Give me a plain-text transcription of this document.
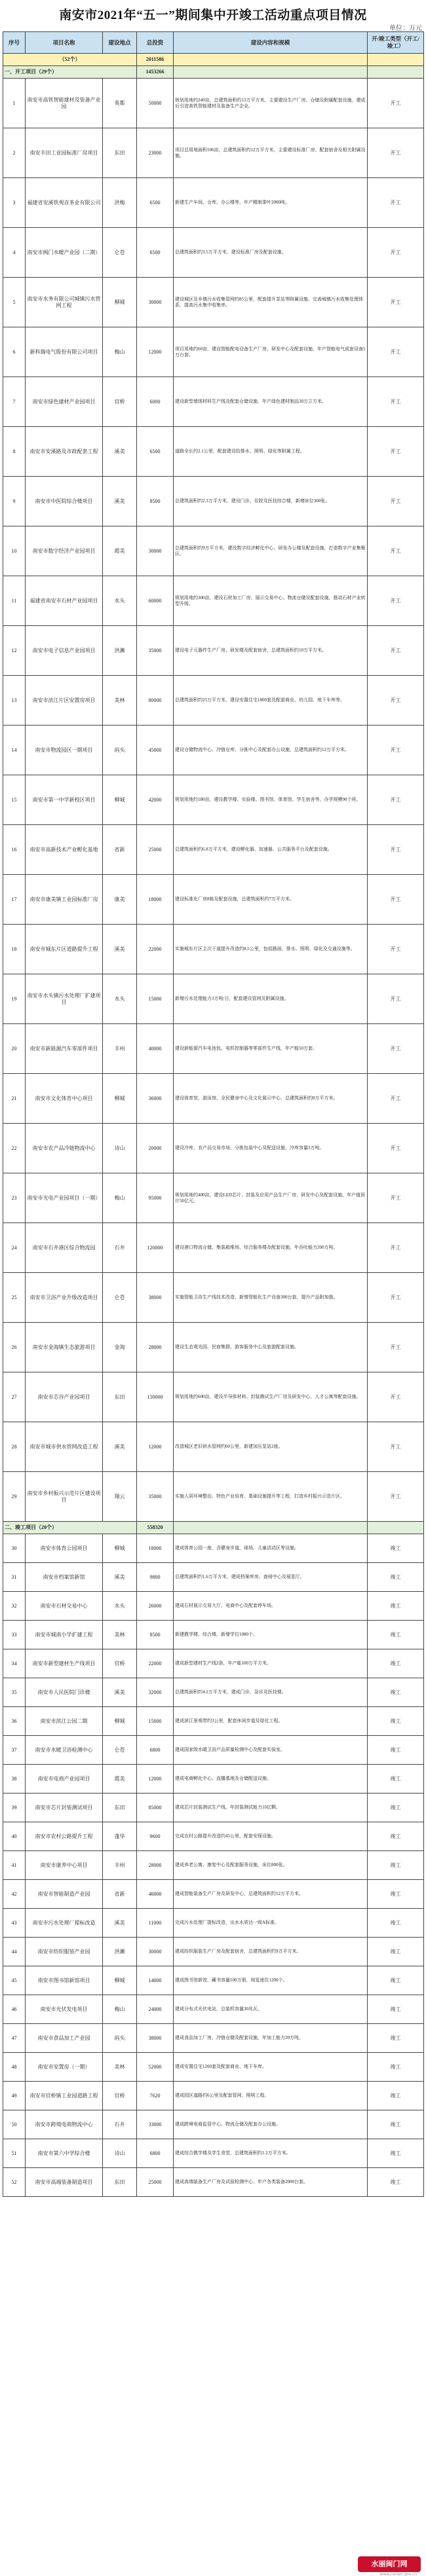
南安市2021年“五一”期间集中开竣工活动重点项目情况
单位：万元
序号	项目名称	建设地点	总投资	建设内容和规模	开/竣工类型（开工/竣工）
（52个）			2011586		
一、开工项目（29个）			1453266		
1	南安市高铁智能建材及装备产业园	英都	50000	规划用地约240亩，总建筑面积约13万平方米，主要建设生产厂房、仓储及附属配套设施，建成后引进高铁智能建材及装备生产企业。	开工
2	南安丰田工业园标准厂房项目	东田	23000	项目总用地面积106亩，总建筑面积约12万平方米，主要建设标准厂房、配套宿舍及相关附属设施。	开工
3	福建省安溪铁观音茶业有限公司	洪梅	6500	新建生产车间、仓库、办公楼等，年产精制茶叶2000吨。	开工
4	南安市阀门水暖产业园（二期）	仑苍	6500	总建筑面积约3.5万平方米，建设标准厂房及配套设施。	开工
5	南安市水务有限公司城镇污水管网工程	柳城	30000	建设城区及乡镇污水收集管网约85公里，配套提升泵站等附属设施，完善城镇污水收集处理体系，提高污水集中收集率。	开工
6	新科瑞电气股份有限公司项目	梅山	12000	项目用地约60亩，建设智能配电设备生产厂房、研发中心及配套设施，年产智能电气成套设备5万台套。	开工
7	南安市绿色建材产业园项目	官桥	6000	建设新型墙体材料生产线及配套仓储设施，年产绿色建材制品30万立方米。	开工
8	南安市安溪路及市政配套工程	溪美	6500	道路全长约2.1公里，配套建设给排水、照明、绿化等附属工程。	开工
9	南安市中医院综合楼项目	溪美	8500	总建筑面积约2.3万平方米，建设门诊、住院及医技综合楼，新增床位300张。	开工
10	南安市数字经济产业园项目	霞美	30000	总建筑面积约9万平方米，建设数字经济孵化中心、研发办公楼及配套设施，打造数字产业集聚区。	开工
11	福建省南安市石材产业园项目	水头	60000	规划用地约300亩，建设石材加工厂房、展示交易中心、物流仓储及配套设施，推动石材产业转型升级。	开工
12	南安市电子信息产业园项目	洪濑	35000	建设电子元器件生产厂房、研发楼及配套宿舍，总建筑面积约10万平方米。	开工
13	南安市滨江片区安置房项目	美林	80000	总建筑面积约25万平方米，建设安置住宅1800套及配套商业、幼儿园、地下车库等。	开工
14	南安市物流园区一期项目	码头	45000	建设仓储物流中心、冷链仓库、分拣中心及配套办公设施，总建筑面积约12万平方米。	开工
15	南安市第一中学新校区项目	柳城	42000	规划用地约180亩，建设教学楼、实验楼、图书馆、体育馆、学生宿舍等，办学规模90个班。	开工
16	南安市高新技术产业孵化基地	省新	25000	总建筑面积约6.8万平方米，建设孵化器、加速器、公共服务平台及配套设施。	开工
17	南安市康美镇工业园标准厂房	康美	18000	建设标准化厂房8栋及配套设施，总建筑面积约7万平方米。	开工
18	南安市城东片区道路提升工程	溪美	22000	实施城东片区主次干道提升改造约8.5公里，包括路面、排水、照明、绿化及交通设施等。	开工
19	南安市水头镇污水处理厂扩建项目	水头	15000	新增污水处理能力3万吨/日，配套建设管网及附属设施。	开工
20	南安市新能源汽车零部件项目	丰州	40000	建设新能源汽车电池包、电机控制器等零部件生产线，年产能50万套。	开工
21	南安市文化体育中心项目	柳城	36000	建设体育馆、游泳馆、全民健身中心及文化展示中心，总建筑面积约8万平方米。	开工
22	南安市农产品冷链物流中心	诗山	20000	建设冷库、农产品交易市场、分拣包装中心及配送设施，冷库容量3万吨。	开工
23	南安市光电产业园项目（一期）	梅山	95000	规划用地约400亩，建设LED芯片、封装及应用产品生产厂房、研发中心及配套设施，年产值预计50亿元。	开工
24	南安市石井港区综合物流园	石井	120000	建设港口物流仓储、集装箱堆场、综合服务楼及配套设施，年吞吐能力200万吨。	开工
25	南安市卫浴产业升级改造项目	仑苍	38000	实施智能卫浴生产线技术改造，新增智能化生产设备300台套，提升产品附加值。	开工
26	南安市金淘镇生态旅游项目	金淘	28000	建设生态观光园、民宿集群、游客服务中心及旅游配套设施。	开工
27	南安市芯谷产业园项目	东田	150000	规划用地约600亩，建设半导体材料、封装测试生产厂房及研发中心、人才公寓等配套设施。	开工
28	南安市城市供水管网改造工程	溪美	12000	改造城区老旧供水管网约60公里，新建加压泵站2座。	开工
29	南安市乡村振兴示范片区建设项目	翔云	35000	实施人居环境整治、特色产业培育、基础设施提升等工程，打造乡村振兴示范片区。	开工
二、竣工项目（20个）			558320		
30	南安市体育公园项目	柳城	18000	建成体育公园一座，含健身步道、球场、儿童活动区等设施。	竣工
31	南安市档案馆新馆	溪美	9800	总建筑面积约1.6万平方米，建成档案库房、查阅中心及展览厅。	竣工
32	南安市石材交易中心	水头	26000	建成石材展示交易大厅、电商中心及配套停车场。	竣工
33	南安市城南小学扩建工程	美林	8500	新建教学楼、综合楼，新增学位1080个。	竣工
34	南安市新型建材生产线项目	官桥	22000	建成新型建材生产线2条，年产能100万平方米。	竣工
35	南安市人民医院门诊楼	溪美	32000	总建筑面积约4.2万平方米，建成门诊、急诊及医技楼。	竣工
36	南安市滨江公园二期	柳城	15000	建成滨江景观带约3公里，配套休闲步道及绿化工程。	竣工
37	南安市水暖卫浴检测中心	仑苍	6800	建成国家级水暖卫浴产品质量检测中心及配套实验室。	竣工
38	南安市电商产业园项目	霞美	12000	建成电商孵化中心、直播基地及仓储配送设施。	竣工
39	南安市芯片封装测试项目	东田	85000	建成芯片封装测试生产线，年封装测试能力10亿颗。	竣工
40	南安市农村公路提升工程	蓬华	9600	完成农村公路提升改造约45公里，配套安保设施。	竣工
41	南安市康养中心项目	丰州	28000	建成养老公寓、康复中心及配套服务设施，床位800张。	竣工
42	南安市智能制造产业园	省新	46000	建成智能装备生产厂房及研发中心，总建筑面积约12万平方米。	竣工
43	南安市污水处理厂提标改造	溪美	11000	完成污水处理厂提标改造，出水水质达一级A标准。	竣工
44	南安市纺织服装产业园	洪濑	30000	建成纺织服装生产厂房及配套宿舍，总建筑面积约9万平方米。	竣工
45	南安市图书馆新馆项目	柳城	14000	建成图书馆新馆，藏书容量100万册，阅览座位1200个。	竣工
46	南安市光伏发电项目	梅山	24000	建成分布式光伏电站，总装机容量30兆瓦。	竣工
47	南安市食品加工产业园	码头	38000	建成食品加工厂房、冷链仓储及配套设施，年加工能力20万吨。	竣工
48	南安市安置房（一期）	美林	52000	建成安置住宅1200套及配套商业、地下车库。	竣工
49	南安市官桥镇工业园道路工程	官桥	7620	建成园区道路约6公里及配套管网、照明工程。	竣工
50	南安市跨境电商物流中心	石井	33000	建成跨境电商监管中心、物流仓储及配套办公设施。	竣工
51	南安市第六中学综合楼	诗山	6800	建成综合教学楼及学生食堂，总建筑面积约1.2万平方米。	竣工
52	南安市高端装备制造项目	东田	25000	建成高端装备生产厂房及试验检测中心，年产各类装备2000台套。	竣工
水丽闽门网
www.nanan.gov.cn
